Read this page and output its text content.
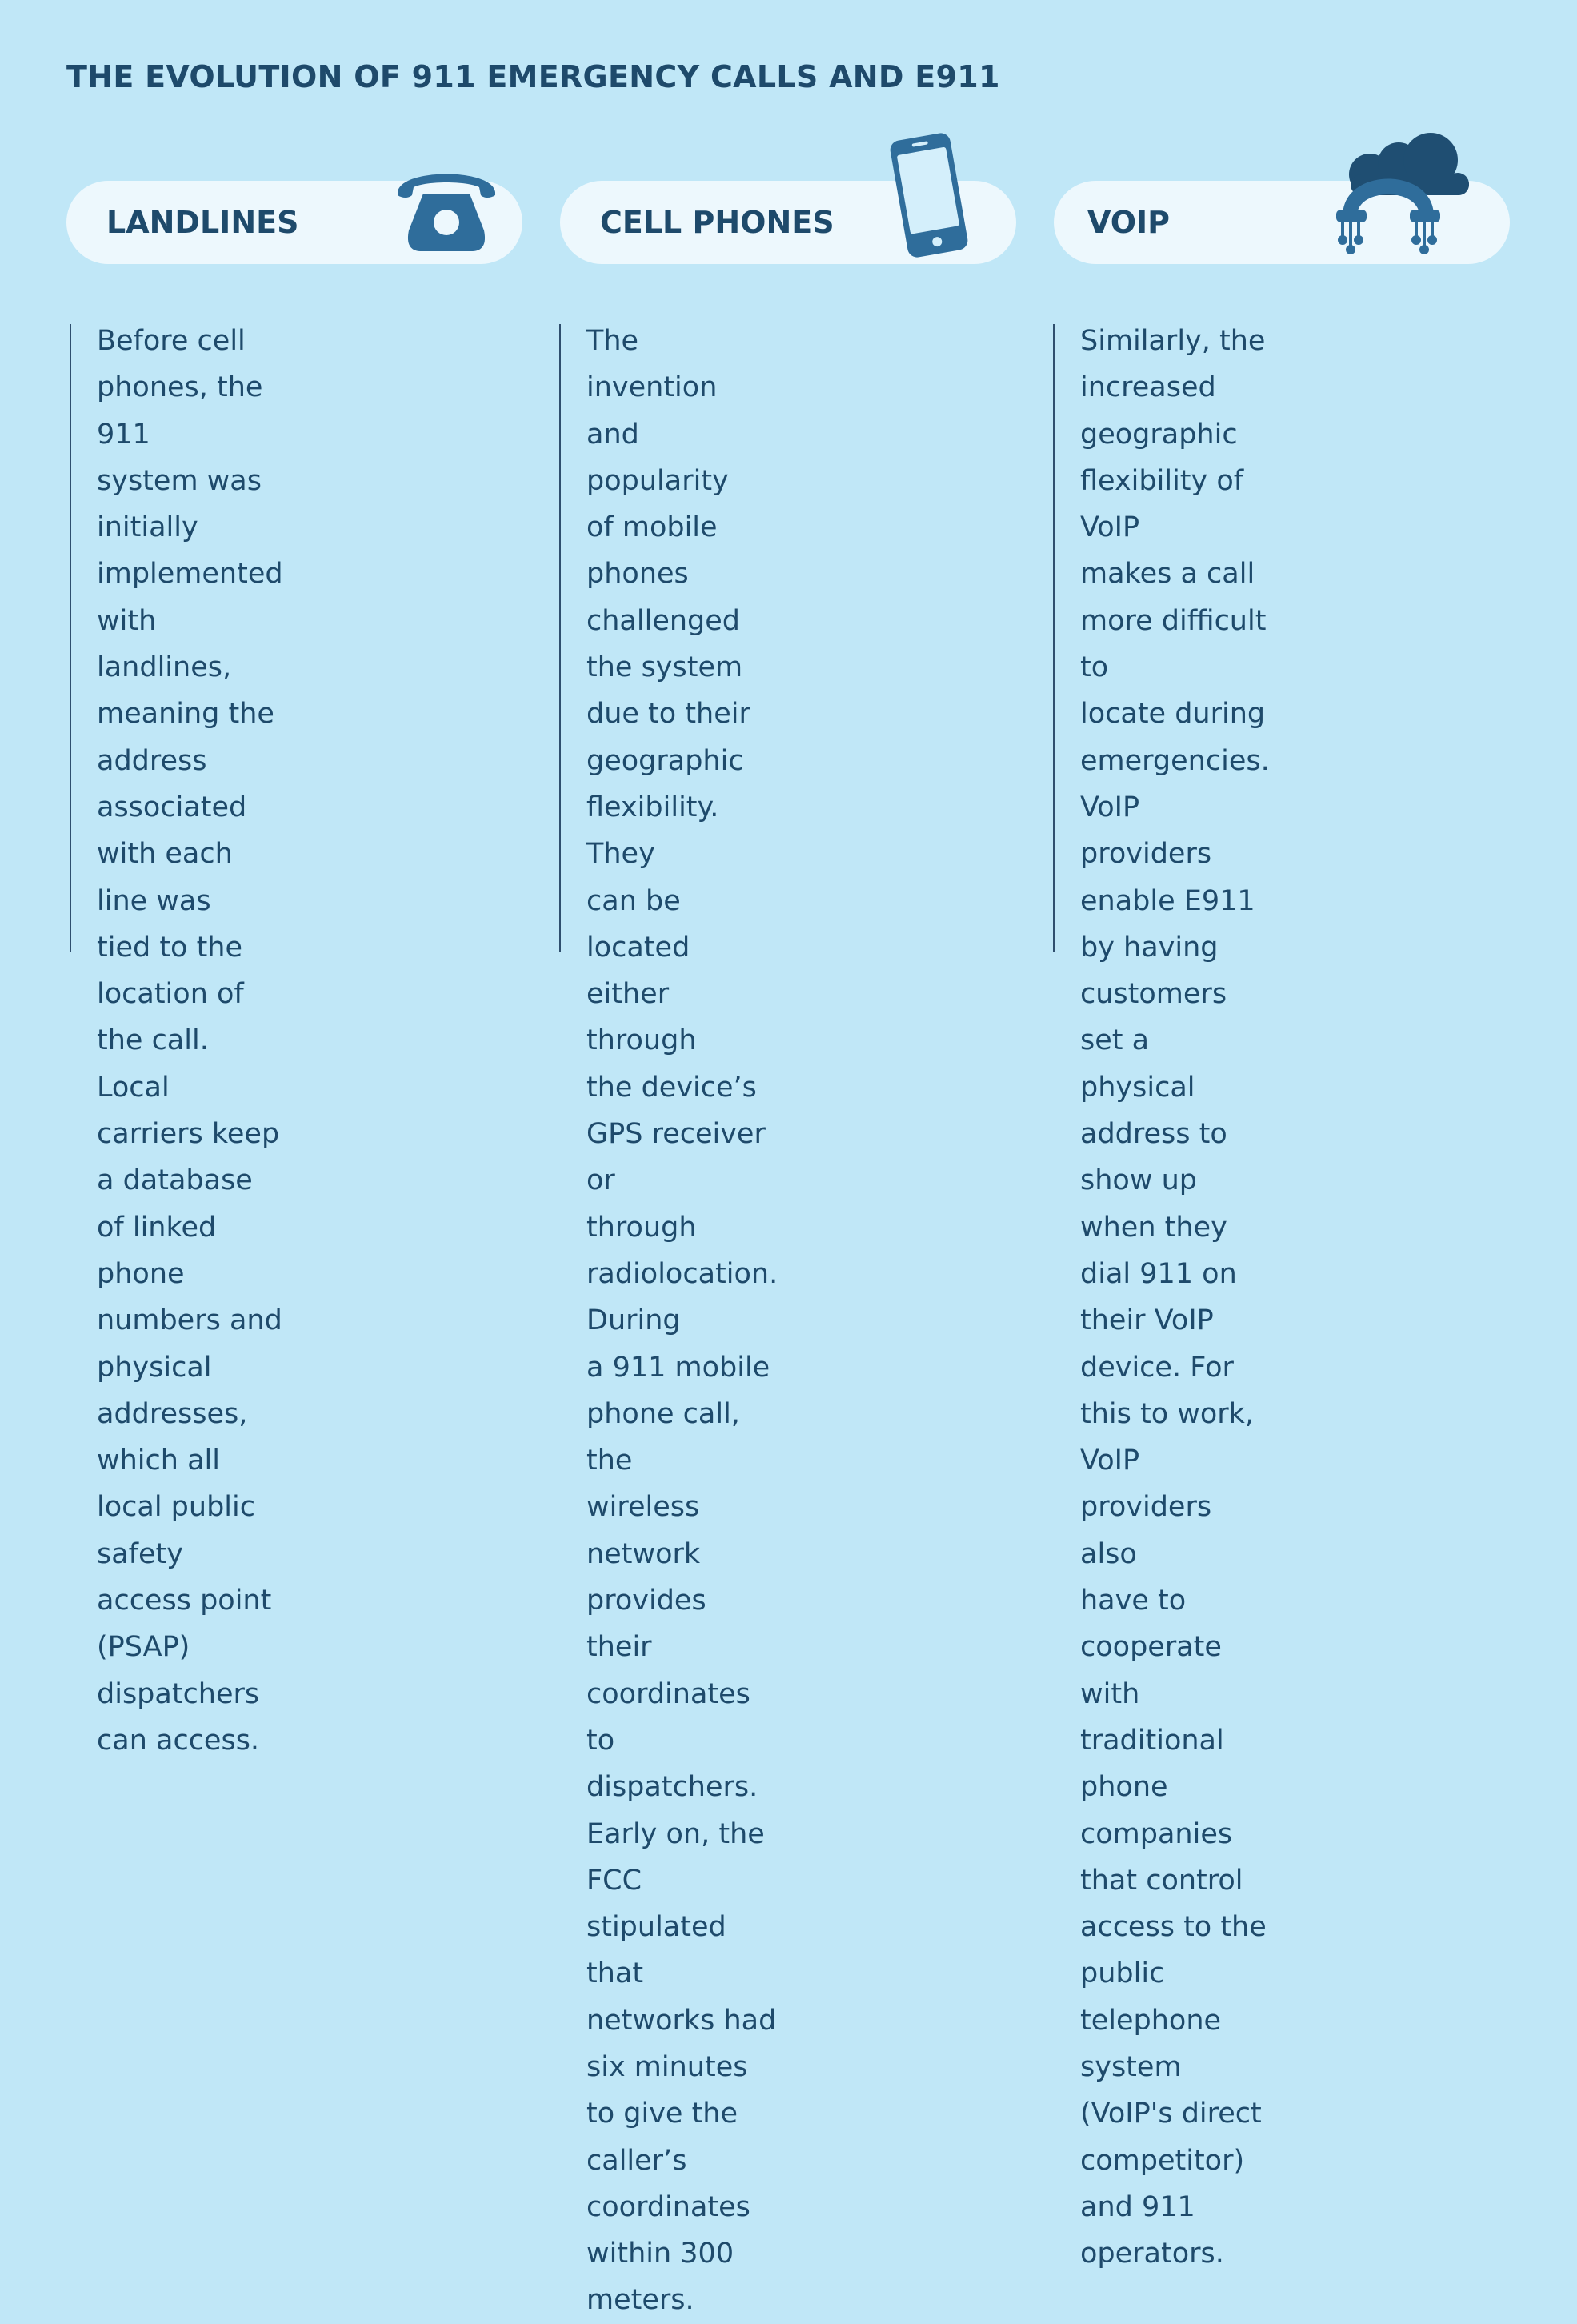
THE EVOLUTION OF 911 EMERGENCY CALLS AND E911
LANDLINES

Before cell phones, the 911
system was initially
implemented with landlines,
meaning the address
associated with each line was
tied to the location of the call.
Local carriers keep a database
of linked phone numbers and
physical addresses, which all
local public safety access point
(PSAP) dispatchers can access.

CELL PHONES

The invention and popularity
of mobile phones challenged
the system due to their
geographic flexibility. They
can be located either through
the device’s GPS receiver or
through radiolocation. During
a 911 mobile phone call, the
wireless network provides
their coordinates to dispatchers.
Early on, the FCC stipulated
that networks had six minutes
to give the caller’s coordinates
within 300 meters.

VOIP

Similarly, the increased
geographic flexibility of VoIP
makes a call more difficult to
locate during emergencies. VoIP
providers enable E911 by having
customers set a physical
address to show up when they
dial 911 on their VoIP device. For
this to work, VoIP providers also
have to cooperate with
traditional phone companies
that control access to the public
telephone system (VoIP's direct
competitor) and 911 operators.
